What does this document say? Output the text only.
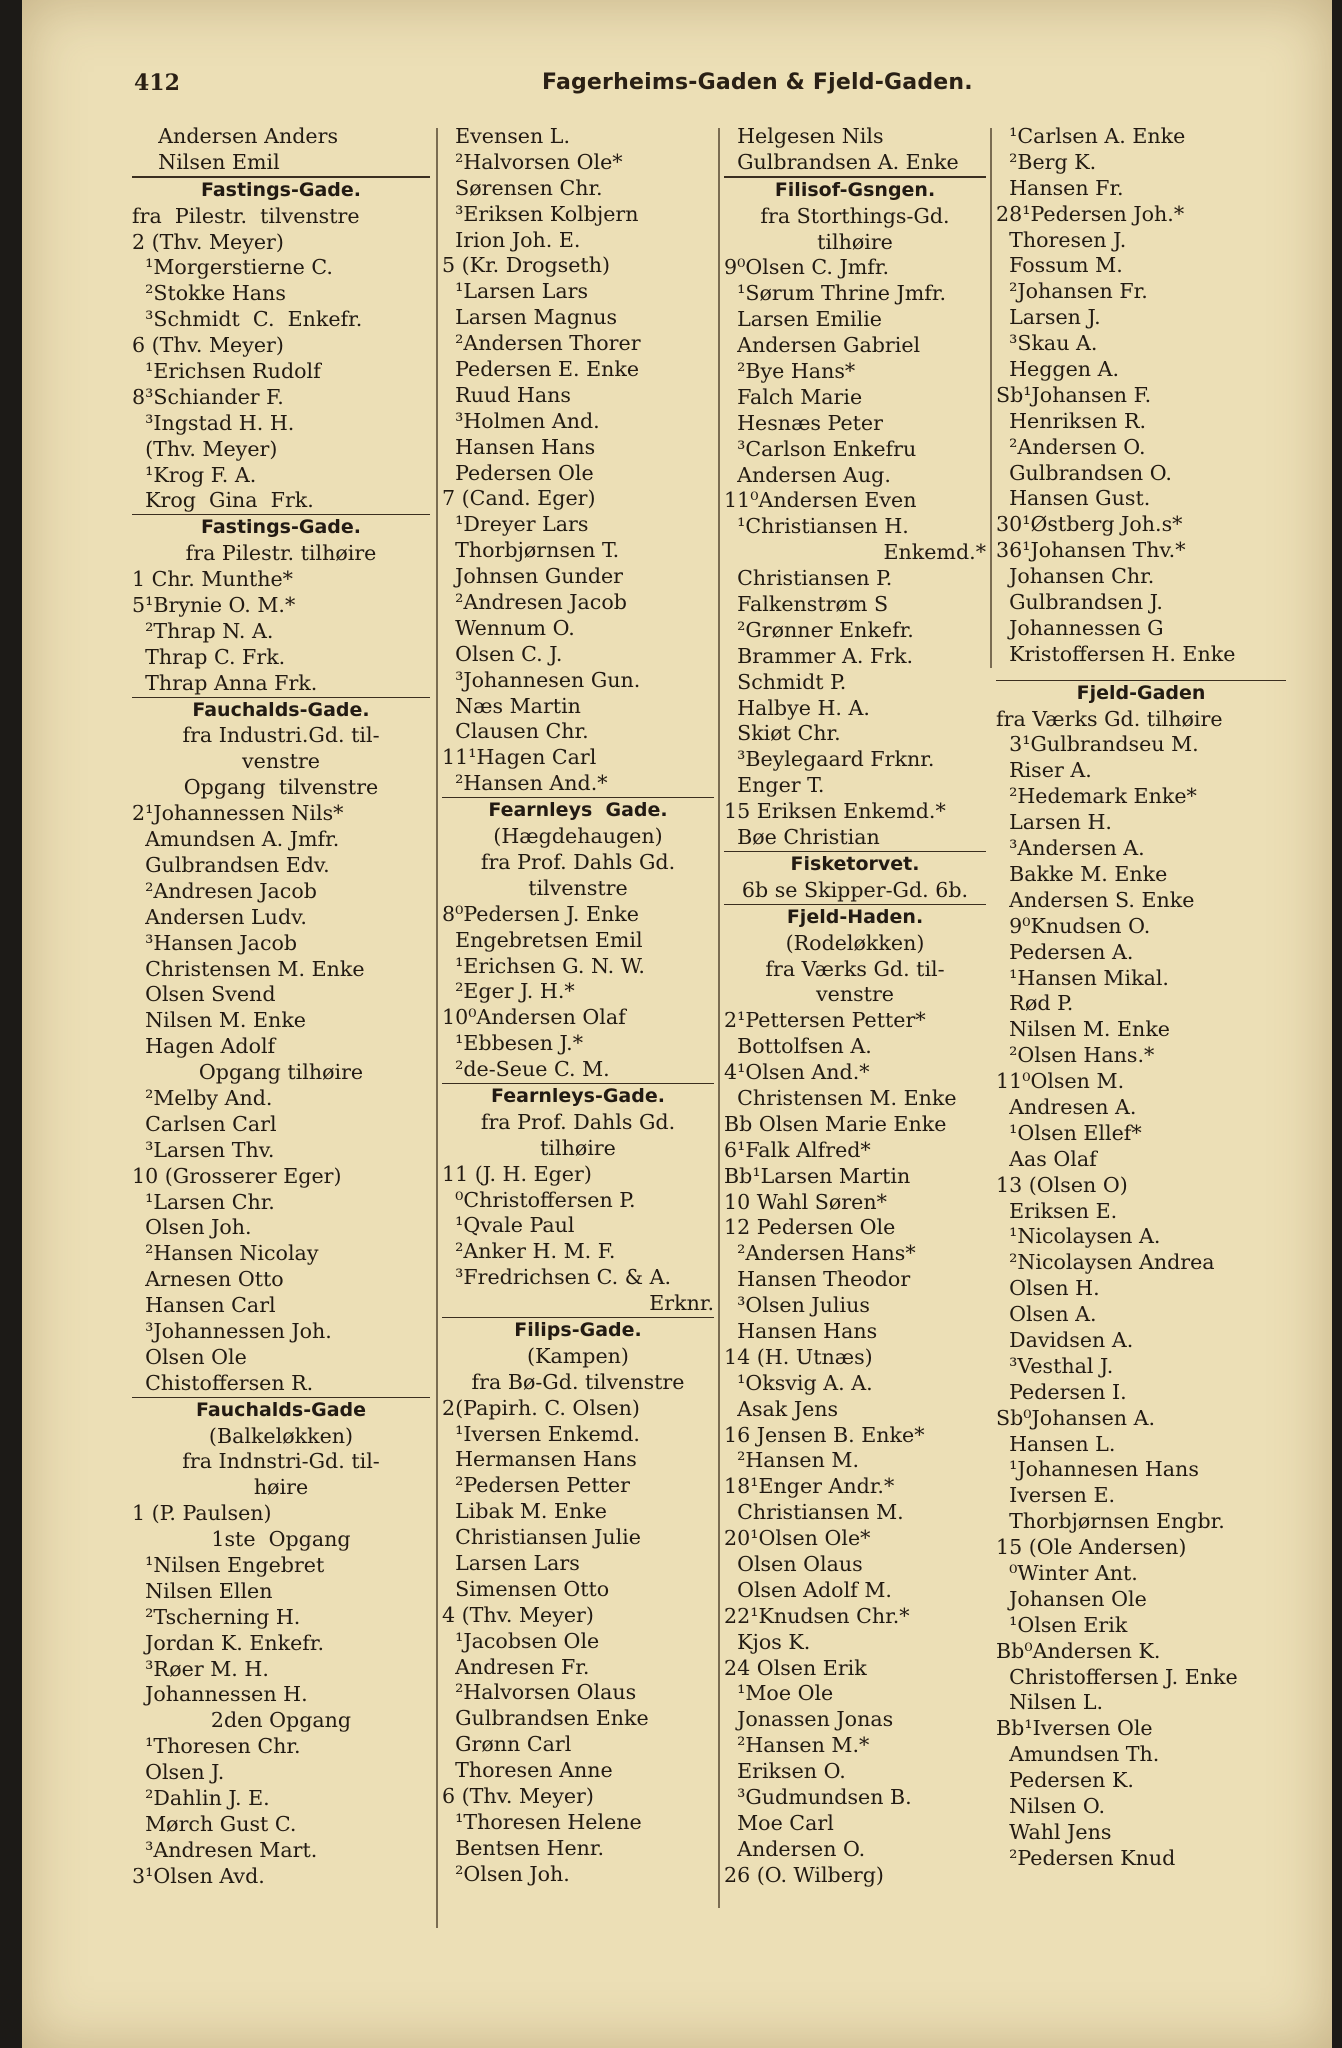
412	Fagerheims-Gaden & Fjeld-Gaden.
Andersen Anders
Nilsen Emil
Fastings-Gade.
fra  Pilestr.  tilvenstre
2 (Thv. Meyer)
¹Morgerstierne C.
²Stokke Hans
³Schmidt  C.  Enkefr.
6 (Thv. Meyer)
¹Erichsen Rudolf
8³Schiander F.
³Ingstad H. H.
(Thv. Meyer)
¹Krog F. A.
Krog  Gina  Frk.
Fastings-Gade.
fra Pilestr. tilhøire
1 Chr. Munthe*
5¹Brynie O. M.*
²Thrap N. A.
Thrap C. Frk.
Thrap Anna Frk.
Fauchalds-Gade.
fra Industri.Gd. til-
venstre
Opgang  tilvenstre
2¹Johannessen Nils*
Amundsen A. Jmfr.
Gulbrandsen Edv.
²Andresen Jacob
Andersen Ludv.
³Hansen Jacob
Christensen M. Enke
Olsen Svend
Nilsen M. Enke
Hagen Adolf
Opgang tilhøire
²Melby And.
Carlsen Carl
³Larsen Thv.
10 (Grosserer Eger)
¹Larsen Chr.
Olsen Joh.
²Hansen Nicolay
Arnesen Otto
Hansen Carl
³Johannessen Joh.
Olsen Ole
Chistoffersen R.
Fauchalds-Gade
(Balkeløkken)
fra Indnstri-Gd. til-
høire
1 (P. Paulsen)
1ste  Opgang
¹Nilsen Engebret
Nilsen Ellen
²Tscherning H.
Jordan K. Enkefr.
³Røer M. H.
Johannessen H.
2den Opgang
¹Thoresen Chr.
Olsen J.
²Dahlin J. E.
Mørch Gust C.
³Andresen Mart.
3¹Olsen Avd.
Evensen L.
²Halvorsen Ole*
Sørensen Chr.
³Eriksen Kolbjern
Irion Joh. E.
5 (Kr. Drogseth)
¹Larsen Lars
Larsen Magnus
²Andersen Thorer
Pedersen E. Enke
Ruud Hans
³Holmen And.
Hansen Hans
Pedersen Ole
7 (Cand. Eger)
¹Dreyer Lars
Thorbjørnsen T.
Johnsen Gunder
²Andresen Jacob
Wennum O.
Olsen C. J.
³Johannesen Gun.
Næs Martin
Clausen Chr.
11¹Hagen Carl
²Hansen And.*
Fearnleys  Gade.
(Hægdehaugen)
fra Prof. Dahls Gd.
tilvenstre
8⁰Pedersen J. Enke
Engebretsen Emil
¹Erichsen G. N. W.
²Eger J. H.*
10⁰Andersen Olaf
¹Ebbesen J.*
²de-Seue C. M.
Fearnleys-Gade.
fra Prof. Dahls Gd.
tilhøire
11 (J. H. Eger)
⁰Christoffersen P.
¹Qvale Paul
²Anker H. M. F.
³Fredrichsen C. & A.
Erknr.
Filips-Gade.
(Kampen)
fra Bø-Gd. tilvenstre
2(Papirh. C. Olsen)
¹Iversen Enkemd.
Hermansen Hans
²Pedersen Petter
Libak M. Enke
Christiansen Julie
Larsen Lars
Simensen Otto
4 (Thv. Meyer)
¹Jacobsen Ole
Andresen Fr.
²Halvorsen Olaus
Gulbrandsen Enke
Grønn Carl
Thoresen Anne
6 (Thv. Meyer)
¹Thoresen Helene
Bentsen Henr.
²Olsen Joh.
Helgesen Nils
Gulbrandsen A. Enke
Filisof-Gsngen.
fra Storthings-Gd.
tilhøire
9⁰Olsen C. Jmfr.
¹Sørum Thrine Jmfr.
Larsen Emilie
Andersen Gabriel
²Bye Hans*
Falch Marie
Hesnæs Peter
³Carlson Enkefru
Andersen Aug.
11⁰Andersen Even
¹Christiansen H.
Enkemd.*
Christiansen P.
Falkenstrøm S
²Grønner Enkefr.
Brammer A. Frk.
Schmidt P.
Halbye H. A.
Skiøt Chr.
³Beylegaard Frknr.
Enger T.
15 Eriksen Enkemd.*
Bøe Christian
Fisketorvet.
6b se Skipper-Gd. 6b.
Fjeld-Haden.
(Rodeløkken)
fra Værks Gd. til-
venstre
2¹Pettersen Petter*
Bottolfsen A.
4¹Olsen And.*
Christensen M. Enke
Bb Olsen Marie Enke
6¹Falk Alfred*
Bb¹Larsen Martin
10 Wahl Søren*
12 Pedersen Ole
²Andersen Hans*
Hansen Theodor
³Olsen Julius
Hansen Hans
14 (H. Utnæs)
¹Oksvig A. A.
Asak Jens
16 Jensen B. Enke*
²Hansen M.
18¹Enger Andr.*
Christiansen M.
20¹Olsen Ole*
Olsen Olaus
Olsen Adolf M.
22¹Knudsen Chr.*
Kjos K.
24 Olsen Erik
¹Moe Ole
Jonassen Jonas
²Hansen M.*
Eriksen O.
³Gudmundsen B.
Moe Carl
Andersen O.
26 (O. Wilberg)
¹Carlsen A. Enke
²Berg K.
Hansen Fr.
28¹Pedersen Joh.*
Thoresen J.
Fossum M.
²Johansen Fr.
Larsen J.
³Skau A.
Heggen A.
Sb¹Johansen F.
Henriksen R.
²Andersen O.
Gulbrandsen O.
Hansen Gust.
30¹Østberg Joh.s*
36¹Johansen Thv.*
Johansen Chr.
Gulbrandsen J.
Johannessen G
Kristoffersen H. Enke
Fjeld-Gaden
fra Værks Gd. tilhøire
3¹Gulbrandseu M.
Riser A.
²Hedemark Enke*
Larsen H.
³Andersen A.
Bakke M. Enke
Andersen S. Enke
9⁰Knudsen O.
Pedersen A.
¹Hansen Mikal.
Rød P.
Nilsen M. Enke
²Olsen Hans.*
11⁰Olsen M.
Andresen A.
¹Olsen Ellef*
Aas Olaf
13 (Olsen O)
Eriksen E.
¹Nicolaysen A.
²Nicolaysen Andrea
Olsen H.
Olsen A.
Davidsen A.
³Vesthal J.
Pedersen I.
Sb⁰Johansen A.
Hansen L.
¹Johannesen Hans
Iversen E.
Thorbjørnsen Engbr.
15 (Ole Andersen)
⁰Winter Ant.
Johansen Ole
¹Olsen Erik
Bb⁰Andersen K.
Christoffersen J. Enke
Nilsen L.
Bb¹Iversen Ole
Amundsen Th.
Pedersen K.
Nilsen O.
Wahl Jens
²Pedersen Knud
